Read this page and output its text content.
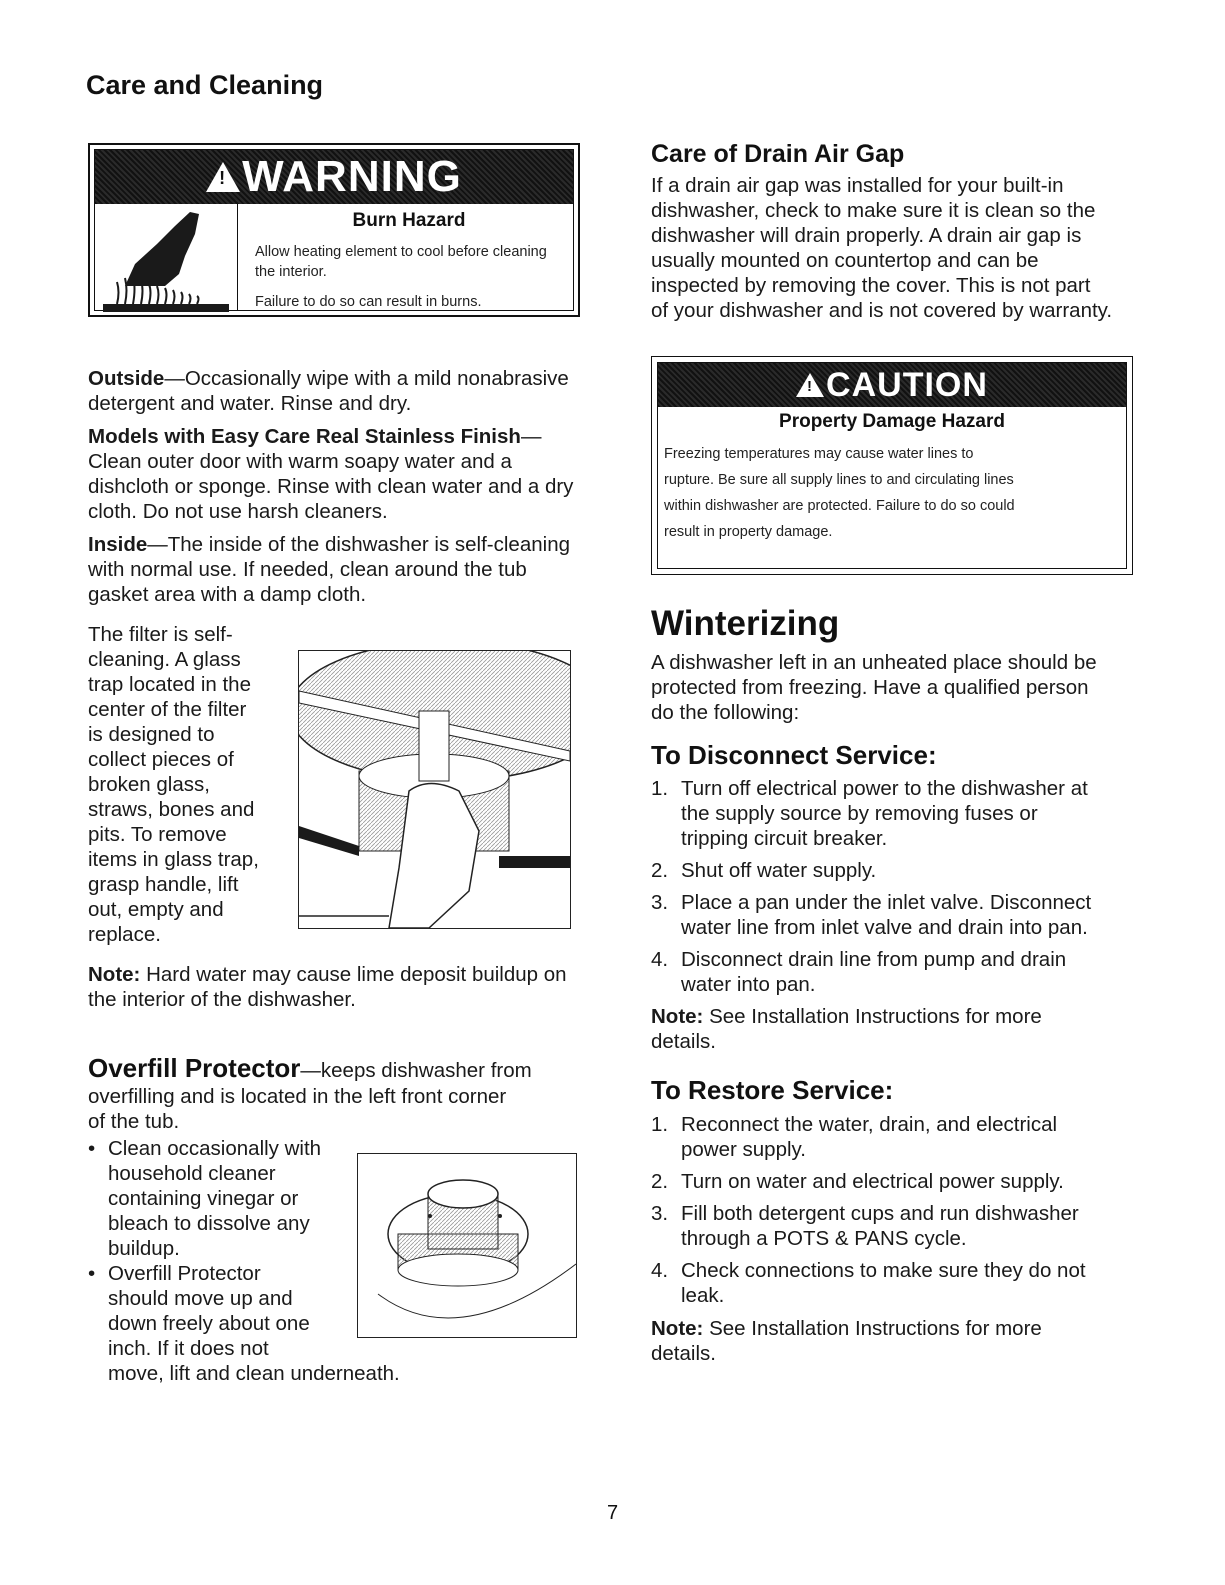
Care and Cleaning
! WARNING

Burn Hazard

Allow heating element to cool before cleaning the interior.

Failure to do so can result in burns.

Outside—Occasionally wipe with a mild nonabrasive detergent and water. Rinse and dry.

Models with Easy Care Real Stainless Finish—Clean outer door with warm soapy water and a dishcloth or sponge. Rinse with clean water and a dry cloth. Do not use harsh cleaners.

Inside—The inside of the dishwasher is self-cleaning with normal use. If needed, clean around the tub gasket area with a damp cloth.

The filter is self-
cleaning. A glass
trap located in the
center of the filter
is designed to
collect pieces of
broken glass,
straws, bones and
pits. To remove
items in glass trap,
grasp handle, lift
out, empty and
replace.
Note: Hard water may cause lime deposit buildup on the interior of the dishwasher.
Overfill Protector—keeps dishwasher from
overfilling and is located in the left front corner
of the tub.
• Clean occasionally with
household cleaner
containing vinegar or
bleach to dissolve any
buildup.
• Overfill Protector
should move up and
down freely about one
inch. If it does not
move, lift and clean underneath.
Care of Drain Air Gap
If a drain air gap was installed for your built-in
dishwasher, check to make sure it is clean so the
dishwasher will drain properly. A drain air gap is
usually mounted on countertop and can be
inspected by removing the cover. This is not part
of your dishwasher and is not covered by warranty.
! CAUTION
Property Damage Hazard
Freezing temperatures may cause water lines to
rupture. Be sure all supply lines to and circulating lines
within dishwasher are protected. Failure to do so could
result in property damage.
Winterizing
A dishwasher left in an unheated place should be
protected from freezing. Have a qualified person
do the following:
To Disconnect Service:
1. Turn off electrical power to the dishwasher at
the supply source by removing fuses or
tripping circuit breaker.
2. Shut off water supply.
3. Place a pan under the inlet valve. Disconnect
water line from inlet valve and drain into pan.
4. Disconnect drain line from pump and drain
water into pan.
Note: See Installation Instructions for more
details.
To Restore Service:
1. Reconnect the water, drain, and electrical
power supply.
2. Turn on water and electrical power supply.
3. Fill both detergent cups and run dishwasher
through a POTS & PANS cycle.
4. Check connections to make sure they do not
leak.
Note: See Installation Instructions for more
details.
7
